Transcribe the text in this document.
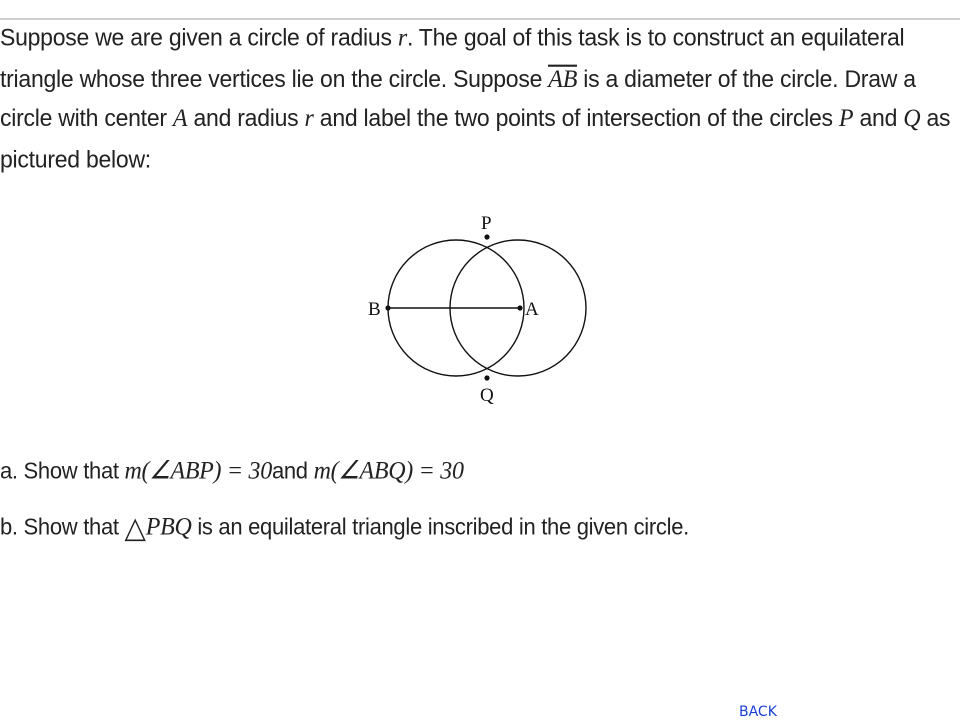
Suppose we are given a circle of radius r. The goal of this task is to construct an equilateral
triangle whose three vertices lie on the circle. Suppose AB is a diameter of the circle. Draw a
circle with center A and radius r and label the two points of intersection of the circles P and Q as
pictured below:
P
B	A
Q
a. Show that m(∠ABP) = 30and m(∠ABQ) = 30
b. Show that △PBQ is an equilateral triangle inscribed in the given circle.
BACK
